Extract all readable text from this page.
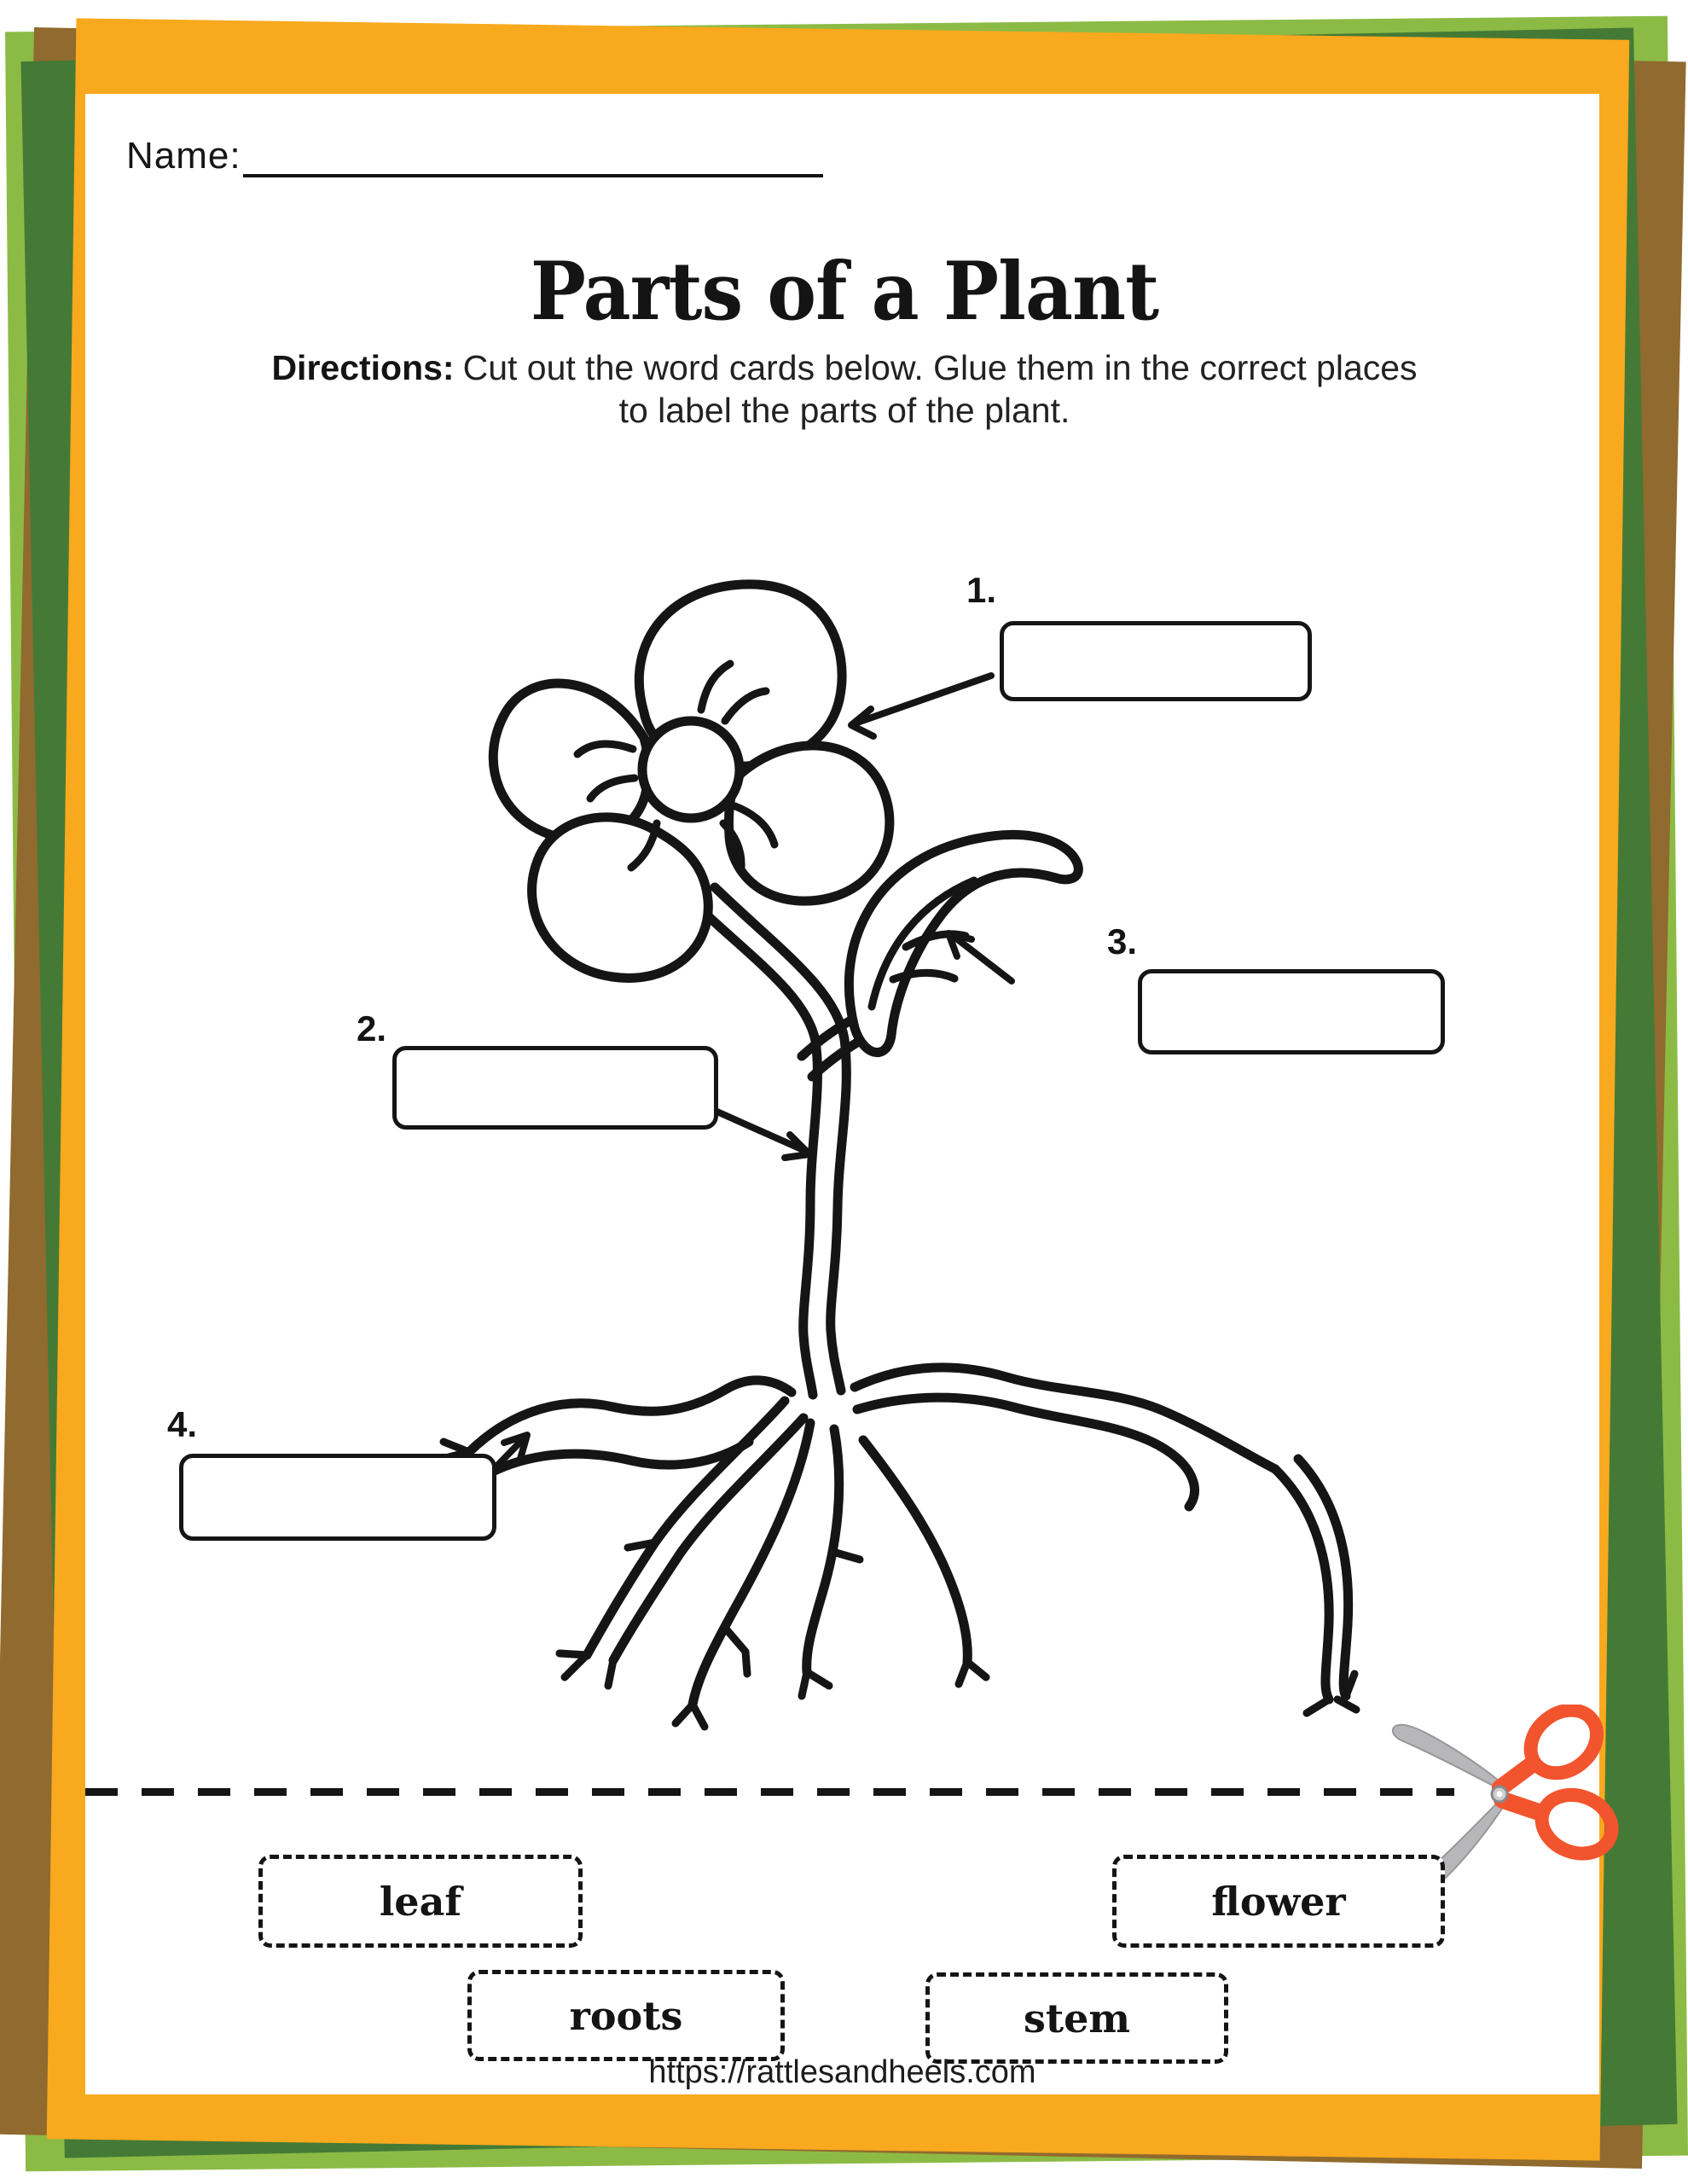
Name:
Parts of a Plant
Directions: Cut out the word cards below. Glue them in the correct places
to label the parts of the plant.
1.
2.
3.
4.
leaf	flower
roots	stem
https://rattlesandheels.com
